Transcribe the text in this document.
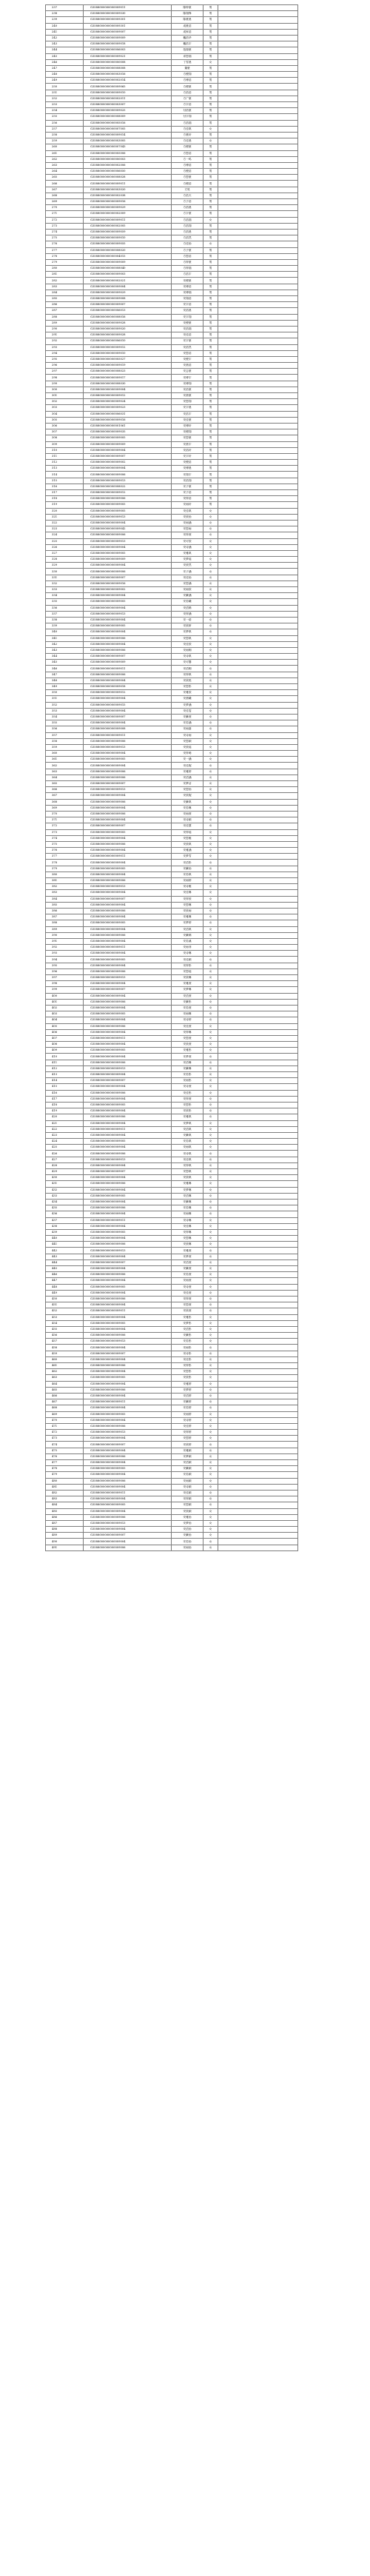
237	G3588000000000009011	陈钟豪	男	
238	G3588000000000009530	陈翔锋	男	
239	G3588000000000009301	陈豪晨	男	
240	G3588000000000009301	成豪浩	男	
241	G3588000000000009007	成家浩	男	
242	G3588000000000009009	戴浩华	男	
243	G3588000000000009018	戴浩宇	男	
244	G3588000000000006003	范瑞豪	男	
245	G3588000000000009021	邓思瑞	男	
246	G3588000000000000008	丁雪晨	女	
247	G3588000000000008008	董豪	男	
248	G3588000000000003016	方俊翔	男	
249	G3588000000000002014	方博浩	男	
250	G3588000000000009065	方俊豪	男	
251	G3588000000000009010	方浩浩	男	
252	G3588000000000002011	方广豪	男	
253	G3588000000000003007	方宇浩	男	
254	G3588000000000009025	付浩豪	男	
255	G3588000000000008009	付宇翔	男	
256	G3588000000000005016	方浩瑞	男	
257	G3588000000000007005	方佳琪	女	
258	G3588000000000009014	方豪轩	男	
259	G3588000000000003005	方佳晨	女	
260	G3588000000000007043	方俊豪	男	
261	G3588000000000005006	方思浩	男	
262	G3588000000000000003	方一鸣	男	
263	G3588000000000002006	方博浩	男	
264	G3588000000000006050	方俊浩	男	
265	G3588000000000008028	方思豪	男	
266	G3588000000000009011	方俊浩	男	
267	G3588000000000003020	方昊	男	
268	G3588000000000002038	方浩天	男	
269	G3588000000000009016	方子浩	男	
270	G3588000000000009029	方浩晨	男	
271	G3588000000000002009	方宇豪	男	
272	G3588000000000009011	方浩瑞	女	
273	G3588000000000002005	方浩翔	男	
274	G3588000000000009059	方浩晨	男	
275	G3588000000000009010	方浩然	男	
276	G3588000000000009055	方佳怡	女	
277	G3588000000000008020	方子豪	男	
278	G3588000000000004015	方思浩	男	
279	G3588000000000009009	方梓豪	男	
280	G3588000000000008040	方梓瑞	男	
281	G3588000000000009003	方浩宇	男	
282	G3588000000000002021	安俊豪	男	
283	G3588000000000009004	安博浩	男	
284	G3588000000000009029	安博瑞	男	
285	G3588000000000009008	安翔浩	男	
286	G3588000000000009007	安宇浩	男	
287	G3588000000000006013	安浩晨	男	
288	G3588000000000008016	安宇翔	男	
289	G3588000000000009028	安俊豪	男	
290	G3588000000000009020	安浩瑞	男	
291	G3588000000000009028	安佳浩	男	
292	G3588000000000006010	安宇豪	男	
293	G3588000000000009012	安浩然	男	
294	G3588000000000009010	安思浩	男	
295	G3588000000000005027	安俊宇	男	
296	G3588000000000009019	安晨浩	男	
297	G3588000000000008023	安志豪	男	
298	G3588000000000009017	安博宇	男	
299	G3588000000000008030	安博翔	男	
300	G3588000000000009004	安浩豪	男	
301	G3588000000000009012	安晨豪	男	
302	G3588000000000009024	安思翔	男	
303	G3588000000000009023	安宇晨	男	
304	G3588000000000006031	安浩宇	男	
305	G3588000000000009016	安佳豪	男	
306	G3588000000000001061	安博轩	男	
307	G3588000000000009035	安俊翔	男	
308	G3588000000000009005	安思豪	男	
309	G3588000000000009009	安晨宇	男	
310	G3588000000000009004	安浩轩	男	
311	G3588000000000009007	安宇轩	男	
312	G3588000000000009002	安俊浩	男	
313	G3588000000000009004	安博晨	男	
314	G3588000000000009006	安翔宇	男	
315	G3588000000000009013	安浩翔	男	
316	G3588000000000008022	安子豪	男	
317	G3588000000000009012	安子浩	男	
318	G3588000000000009006	安梓浩	男	
319	G3588000000000009005	安雨轩	男	
320	G3588000000000009005	安佳琪	女	
321	G3588000000000009013	安欣怡	女	
322	G3588000000000009004	安雨涵	女	
323	G3588000000000009042	安思雨	女	
324	G3588000000000009006	安梓萱	女	
325	G3588000000000009013	安可欣	女	
326	G3588000000000009004	安诗涵	女	
327	G3588000000000009005	安雅琪	女	
328	G3588000000000009009	安梦瑶	女	
329	G3588000000000009004	安欣然	女	
330	G3588000000000009006	安子涵	女	
331	G3588000000000009007	安佳怡	女	
332	G3588000000000009016	安思涵	女	
333	G3588000000000009002	安雨欣	女	
334	G3588000000000009004	安紫涵	女	
335	G3588000000000009005	安若曦	女	
336	G3588000000000009004	安语嫣	女	
337	G3588000000000009013	安梓涵	女	
338	G3588000000000009004	安一诺	女	
339	G3588000000000009005	安欣妍	女	
340	G3588000000000009004	安梦琪	女	
341	G3588000000000009006	安思琪	女	
342	G3588000000000009004	安佳欣	女	
343	G3588000000000009006	安雨桐	女	
344	G3588000000000009007	安诗琪	女	
345	G3588000000000009009	安可馨	女	
346	G3588000000000009011	安语桐	女	
347	G3588000000000009006	安梓琪	女	
348	G3588000000000009004	安欣悦	女	
349	G3588000000000009018	安思彤	女	
350	G3588000000000009012	安雅欣	女	
351	G3588000000000009004	安晨曦	女	
352	G3588000000000009015	安梦涵	女	
353	G3588000000000009004	安佳雯	女	
354	G3588000000000009007	安紫萱	女	
355	G3588000000000009004	安若涵	女	
356	G3588000000000009008	安雨嘉	女	
357	G3588000000000009011	安诗雨	女	
358	G3588000000000009006	安思颖	女	
359	G3588000000000009013	安欣瑶	女	
360	G3588000000000009004	安梓萌	女	
361	G3588000000000009005	安一涵	女	
362	G3588000000000009004	安佳妮	女	
363	G3588000000000009006	安雅婷	女	
364	G3588000000000009006	安语涵	女	
365	G3588000000000009007	安梦洁	女	
366	G3588000000000009013	安思怡	女	
367	G3588000000000009004	安欣妮	女	
368	G3588000000000009006	安紫琪	女	
369	G3588000000000009004	安若琳	女	
370	G3588000000000009006	安雨萱	女	
371	G3588000000000009004	安诗颖	女	
372	G3588000000000009007	安佳慧	女	
373	G3588000000000009005	安梓瑶	女	
374	G3588000000000009004	安思雅	女	
375	G3588000000000009006	安欣琪	女	
376	G3588000000000009004	安雅涵	女	
377	G3588000000000009011	安梦雪	女	
378	G3588000000000009004	安语彤	女	
379	G3588000000000009005	安紫怡	女	
380	G3588000000000009004	安若琪	女	
381	G3588000000000009006	安雨婷	女	
382	G3588000000000009013	安诗雅	女	
383	G3588000000000009004	安佳琳	女	
384	G3588000000000009007	安梓欣	女	
385	G3588000000000009004	安思琳	女	
386	G3588000000000009006	安欣雨	女	
387	G3588000000000009004	安雅琳	女	
388	G3588000000000009005	安梦婷	女	
389	G3588000000000009004	安语琪	女	
390	G3588000000000009006	安紫嫣	女	
391	G3588000000000009004	安若溪	女	
392	G3588000000000009011	安雨菲	女	
393	G3588000000000009004	安诗琳	女	
394	G3588000000000009005	安佳颖	女	
395	G3588000000000009004	安梓彤	女	
396	G3588000000000009006	安思瑶	女	
397	G3588000000000009013	安欣琳	女	
398	G3588000000000009004	安雅萱	女	
399	G3588000000000009007	安梦琳	女	
400	G3588000000000009004	安语萱	女	
401	G3588000000000009006	安紫彤	女	
402	G3588000000000009004	安若萱	女	
403	G3588000000000009005	安雨琳	女	
404	G3588000000000009004	安诗婷	女	
405	G3588000000000009006	安佳萱	女	
406	G3588000000000009004	安梓琳	女	
407	G3588000000000009011	安思萱	女	
408	G3588000000000009004	安欣萱	女	
409	G3588000000000009005	安雅彤	女	
410	G3588000000000009004	安梦萱	女	
411	G3588000000000009006	安语琳	女	
412	G3588000000000009013	安紫琳	女	
413	G3588000000000009004	安若彤	女	
414	G3588000000000009007	安雨彤	女	
415	G3588000000000009004	安诗萱	女	
416	G3588000000000009006	安佳彤	女	
417	G3588000000000009004	安梓萱	女	
418	G3588000000000009005	安思彤	女	
419	G3588000000000009004	安欣彤	女	
420	G3588000000000009006	安雅琪	女	
421	G3588000000000009004	安梦琪	女	
422	G3588000000000009011	安语琪	女	
423	G3588000000000009004	安紫琪	女	
424	G3588000000000009005	安若琪	女	
425	G3588000000000009004	安雨琪	女	
426	G3588000000000009006	安诗琪	女	
427	G3588000000000009013	安佳琪	女	
428	G3588000000000009004	安梓琪	女	
429	G3588000000000009007	安思琪	女	
430	G3588000000000009004	安欣琪	女	
431	G3588000000000009006	安雅琳	女	
432	G3588000000000009004	安梦琳	女	
433	G3588000000000009005	安语琳	女	
434	G3588000000000009004	安紫琳	女	
435	G3588000000000009006	安若琳	女	
436	G3588000000000009004	安雨琳	女	
437	G3588000000000009011	安诗琳	女	
438	G3588000000000009004	安佳琳	女	
439	G3588000000000009005	安梓琳	女	
440	G3588000000000009004	安思琳	女	
441	G3588000000000009006	安欣琳	女	
442	G3588000000000009013	安雅萱	女	
443	G3588000000000009004	安梦萱	女	
444	G3588000000000009007	安语萱	女	
445	G3588000000000009004	安紫萱	女	
446	G3588000000000009006	安若萱	女	
447	G3588000000000009004	安雨萱	女	
448	G3588000000000009005	安诗萱	女	
449	G3588000000000009004	安佳萱	女	
450	G3588000000000009006	安梓萱	女	
451	G3588000000000009004	安思萱	女	
452	G3588000000000009011	安欣萱	女	
453	G3588000000000009004	安雅彤	女	
454	G3588000000000009005	安梦彤	女	
455	G3588000000000009004	安语彤	女	
456	G3588000000000009006	安紫彤	女	
457	G3588000000000009013	安若彤	女	
458	G3588000000000009004	安雨彤	女	
459	G3588000000000009007	安诗彤	女	
460	G3588000000000009004	安佳彤	女	
461	G3588000000000009006	安梓彤	女	
462	G3588000000000009004	安思彤	女	
463	G3588000000000009005	安欣彤	女	
464	G3588000000000009004	安雅婷	女	
465	G3588000000000009006	安梦婷	女	
466	G3588000000000009004	安语婷	女	
467	G3588000000000009011	安紫婷	女	
468	G3588000000000009004	安若婷	女	
469	G3588000000000009005	安雨婷	女	
470	G3588000000000009004	安诗婷	女	
471	G3588000000000009006	安佳婷	女	
472	G3588000000000009013	安梓婷	女	
473	G3588000000000009004	安思婷	女	
474	G3588000000000009007	安欣婷	女	
475	G3588000000000009004	安雅颖	女	
476	G3588000000000009006	安梦颖	女	
477	G3588000000000009004	安语颖	女	
478	G3588000000000009005	安紫颖	女	
479	G3588000000000009004	安若颖	女	
480	G3588000000000009006	安雨颖	女	
481	G3588000000000009004	安诗颖	女	
482	G3588000000000009011	安佳颖	女	
483	G3588000000000009004	安梓颖	女	
484	G3588000000000009005	安思颖	女	
485	G3588000000000009004	安欣颖	女	
486	G3588000000000009006	安雅怡	女	
487	G3588000000000009013	安梦怡	女	
488	G3588000000000009004	安语怡	女	
489	G3588000000000009007	安紫怡	女	
490	G3588000000000009004	安若怡	女	
491	G3588000000000009006	安雨怡	女	
